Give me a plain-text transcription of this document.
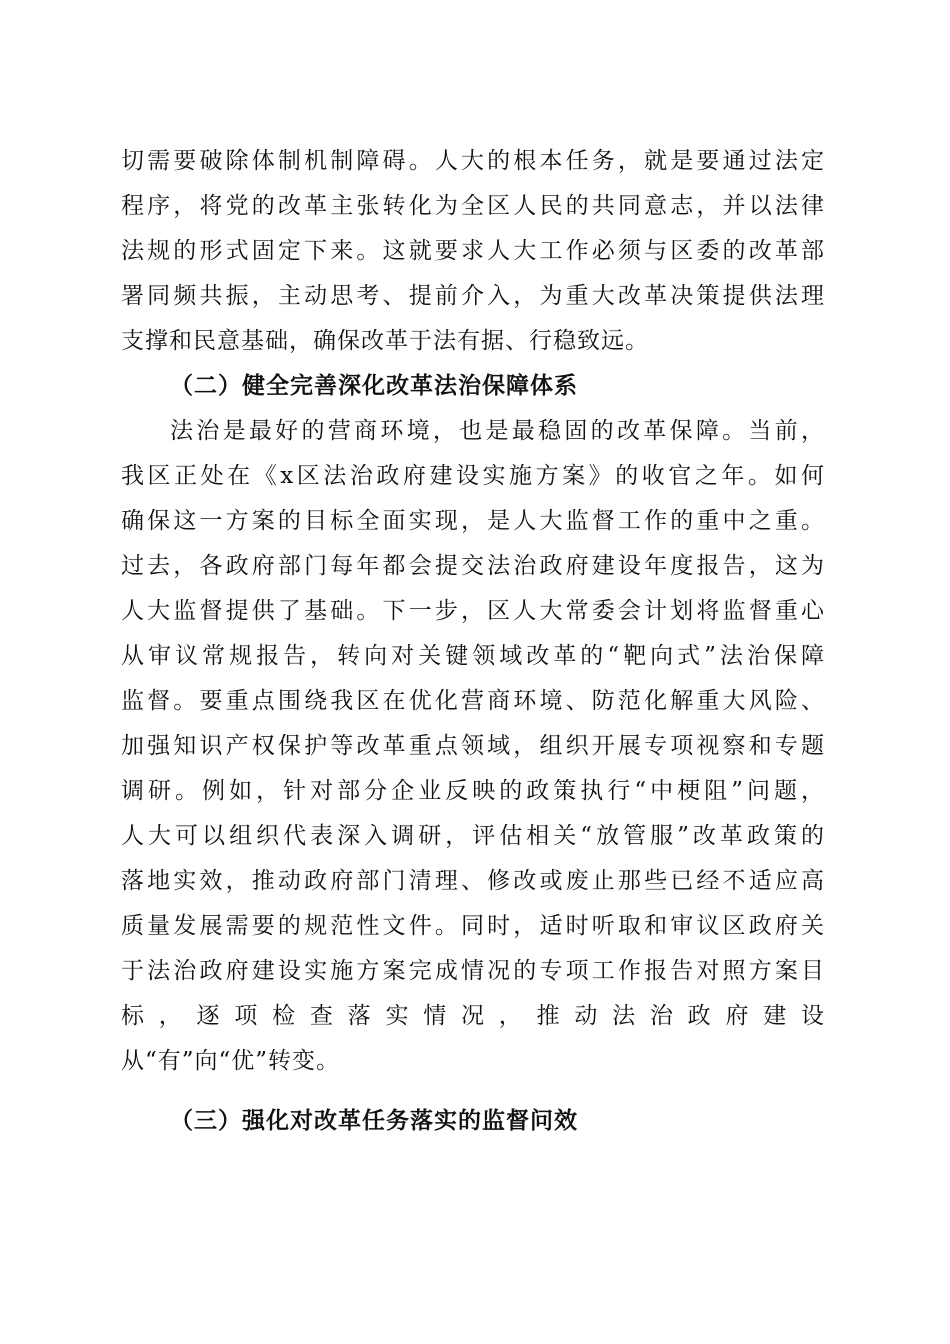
切需要破除体制机制障碍。人大的根本任务，就是要通过法定
程序，将党的改革主张转化为全区人民的共同意志，并以法律
法规的形式固定下来。这就要求人大工作必须与区委的改革部
署同频共振，主动思考、提前介入，为重大改革决策提供法理
支撑和民意基础，确保改革于法有据、行稳致远。
（二）健全完善深化改革法治保障体系
法治是最好的营商环境，也是最稳固的改革保障。当前，
我区正处在《x区法治政府建设实施方案》的收官之年。如何
确保这一方案的目标全面实现，是人大监督工作的重中之重。
过去，各政府部门每年都会提交法治政府建设年度报告，这为
人大监督提供了基础。下一步，区人大常委会计划将监督重心
从审议常规报告，转向对关键领域改革的“靶向式”法治保障
监督。要重点围绕我区在优化营商环境、防范化解重大风险、
加强知识产权保护等改革重点领域，组织开展专项视察和专题
调研。例如，针对部分企业反映的政策执行“中梗阻”问题，
人大可以组织代表深入调研，评估相关“放管服”改革政策的
落地实效，推动政府部门清理、修改或废止那些已经不适应高
质量发展需要的规范性文件。同时，适时听取和审议区政府关
于法治政府建设实施方案完成情况的专项工作报告对照方案目
标，逐项检查落实情况，推动法治政府建设
从“有”向“优”转变。
（三）强化对改革任务落实的监督问效
